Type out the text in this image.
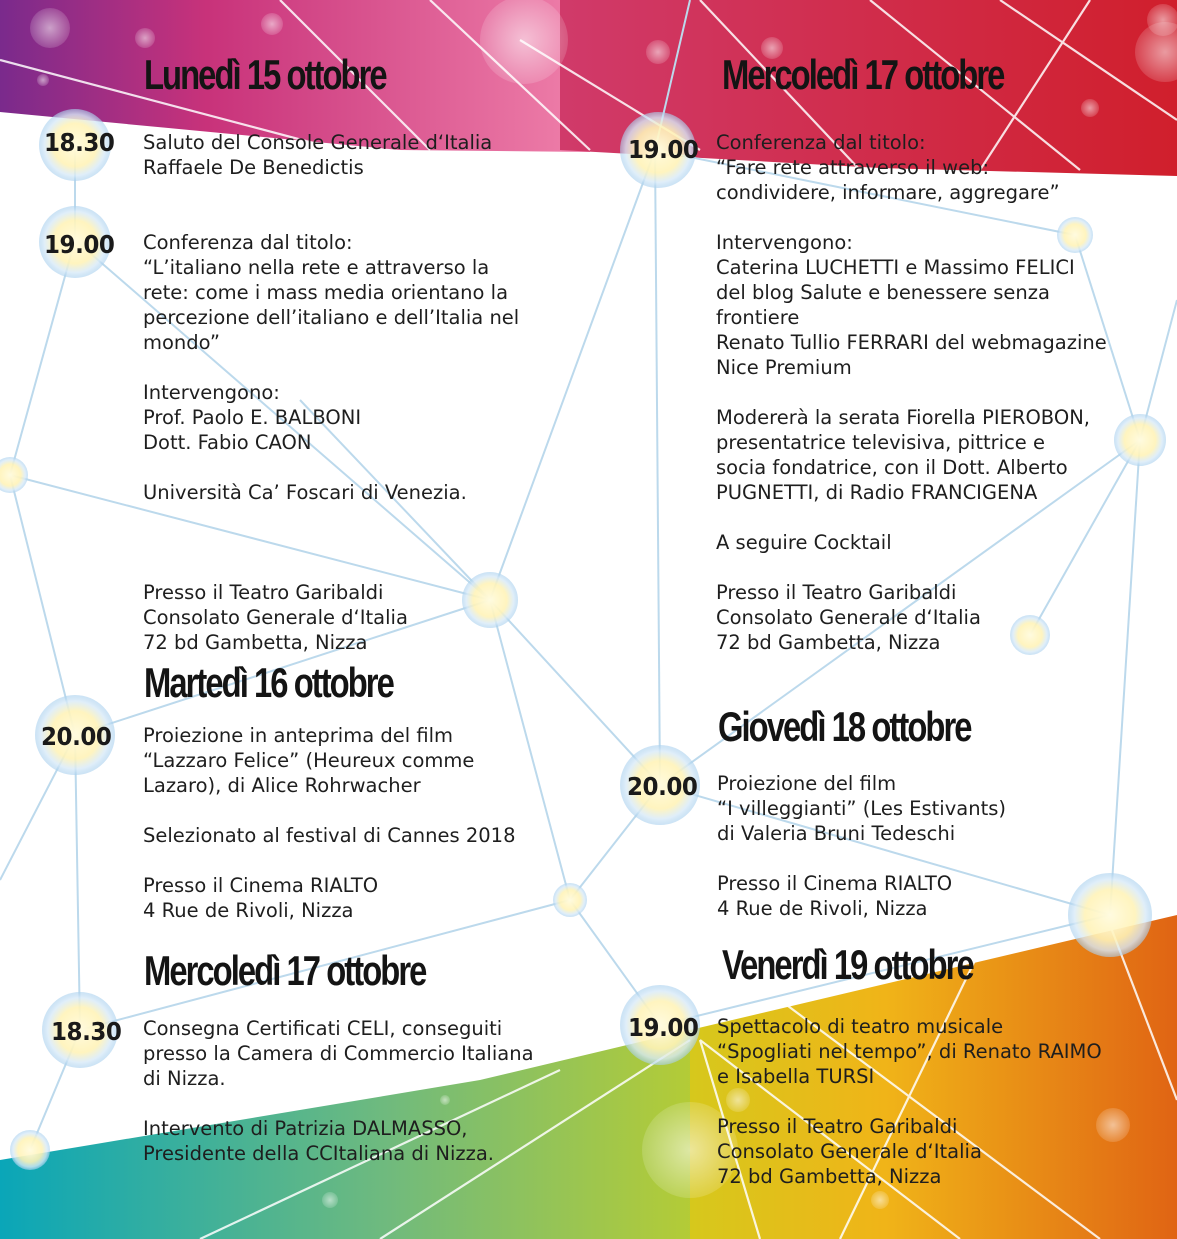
Lunedì 15 ottobre
18.30 Saluto del Console Generale d‘Italia
Raffaele De Benedictis

19.00 Conferenza dal titolo:
“L’italiano nella rete e attraverso la
rete: come i mass media orientano la
percezione dell’italiano e dell’Italia nel
mondo”

Intervengono:
Prof. Paolo E. BALBONI
Dott. Fabio CAON

Università Ca’ Foscari di Venezia.

Presso il Teatro Garibaldi
Consolato Generale d‘Italia
72 bd Gambetta, Nizza

Martedì 16 ottobre
20.00 Proiezione in anteprima del film
“Lazzaro Felice” (Heureux comme
Lazaro), di Alice Rohrwacher

Selezionato al festival di Cannes 2018

Presso il Cinema RIALTO
4 Rue de Rivoli, Nizza

Mercoledì 17 ottobre
18.30 Consegna Certificati CELI, conseguiti
presso la Camera di Commercio Italiana
di Nizza.

Intervento di Patrizia DALMASSO,
Presidente della CCItaliana di Nizza.

Mercoledì 17 ottobre
19.00 Conferenza dal titolo:
“Fare rete attraverso il web:
condividere, informare, aggregare”

Intervengono:
Caterina LUCHETTI e Massimo FELICI
del blog Salute e benessere senza
frontiere
Renato Tullio FERRARI del webmagazine
Nice Premium

Modererà la serata Fiorella PIEROBON,
presentatrice televisiva, pittrice e
socia fondatrice, con il Dott. Alberto
PUGNETTI, di Radio FRANCIGENA

A seguire Cocktail

Presso il Teatro Garibaldi
Consolato Generale d‘Italia
72 bd Gambetta, Nizza

Giovedì 18 ottobre
20.00 Proiezione del film
“I villeggianti” (Les Estivants)
di Valeria Bruni Tedeschi

Presso il Cinema RIALTO
4 Rue de Rivoli, Nizza

Venerdì 19 ottobre
19.00 Spettacolo di teatro musicale
“Spogliati nel tempo”, di Renato RAIMO
e Isabella TURSI

Presso il Teatro Garibaldi
Consolato Generale d‘Italia
72 bd Gambetta, Nizza
